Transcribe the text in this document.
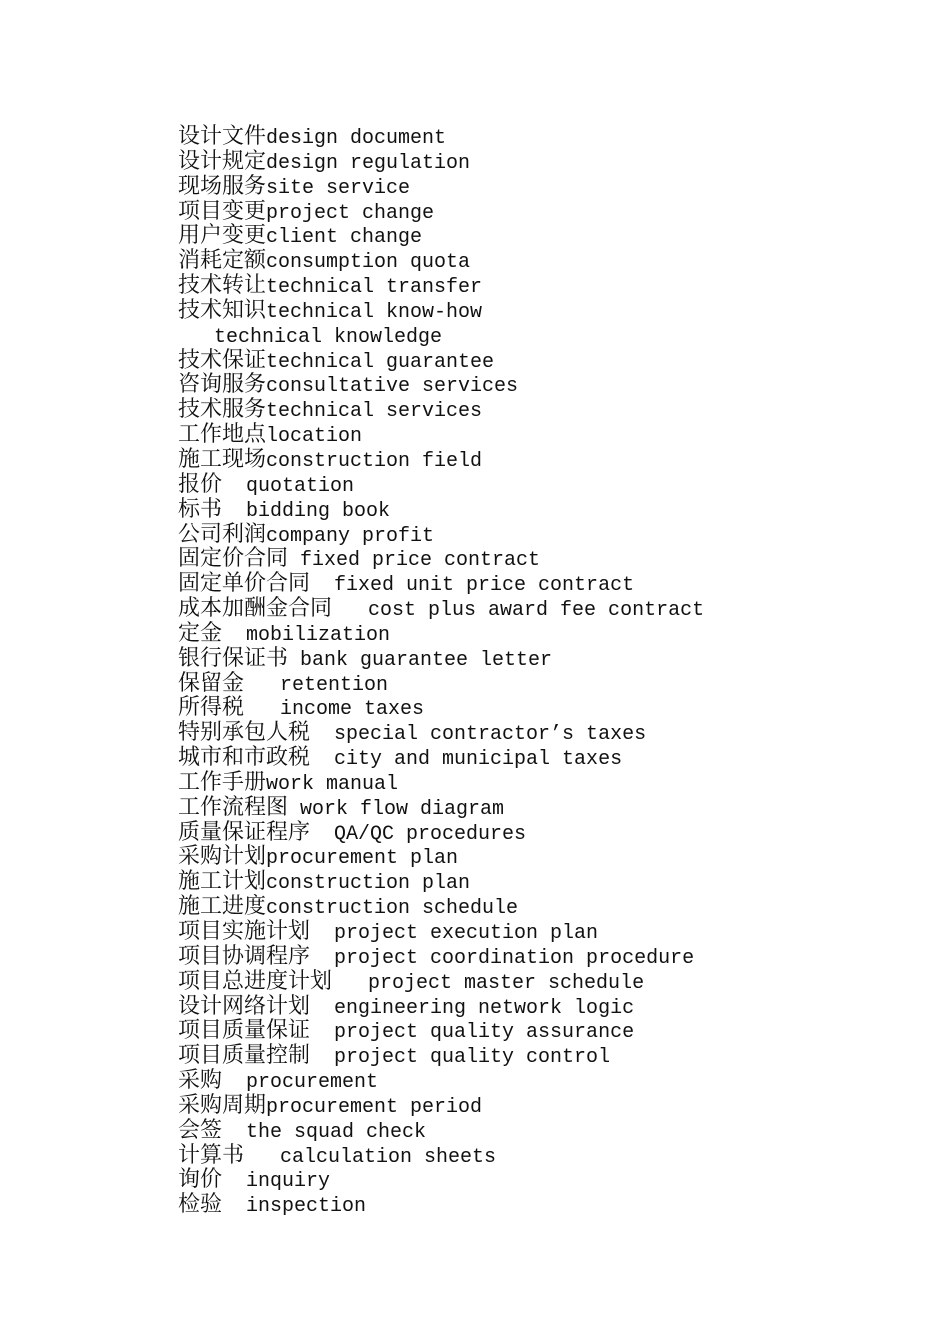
设计文件design document
设计规定design regulation
现场服务site service
项目变更project change
用户变更client change
消耗定额consumption quota
技术转让technical transfer
技术知识technical know-how
technical knowledge
技术保证technical guarantee
咨询服务consultative services
技术服务technical services
工作地点location
施工现场construction field
报价  quotation
标书  bidding book
公司利润company profit
固定价合同 fixed price contract
固定单价合同  fixed unit price contract
成本加酬金合同   cost plus award fee contract
定金  mobilization
银行保证书 bank guarantee letter
保留金   retention
所得税   income taxes
特别承包人税  special contractor’s taxes
城市和市政税  city and municipal taxes
工作手册work manual
工作流程图 work flow diagram
质量保证程序  QA/QC procedures
采购计划procurement plan
施工计划construction plan
施工进度construction schedule
项目实施计划  project execution plan
项目协调程序  project coordination procedure
项目总进度计划   project master schedule
设计网络计划  engineering network logic
项目质量保证  project quality assurance
项目质量控制  project quality control
采购  procurement
采购周期procurement period
会签  the squad check
计算书   calculation sheets
询价  inquiry
检验  inspection
